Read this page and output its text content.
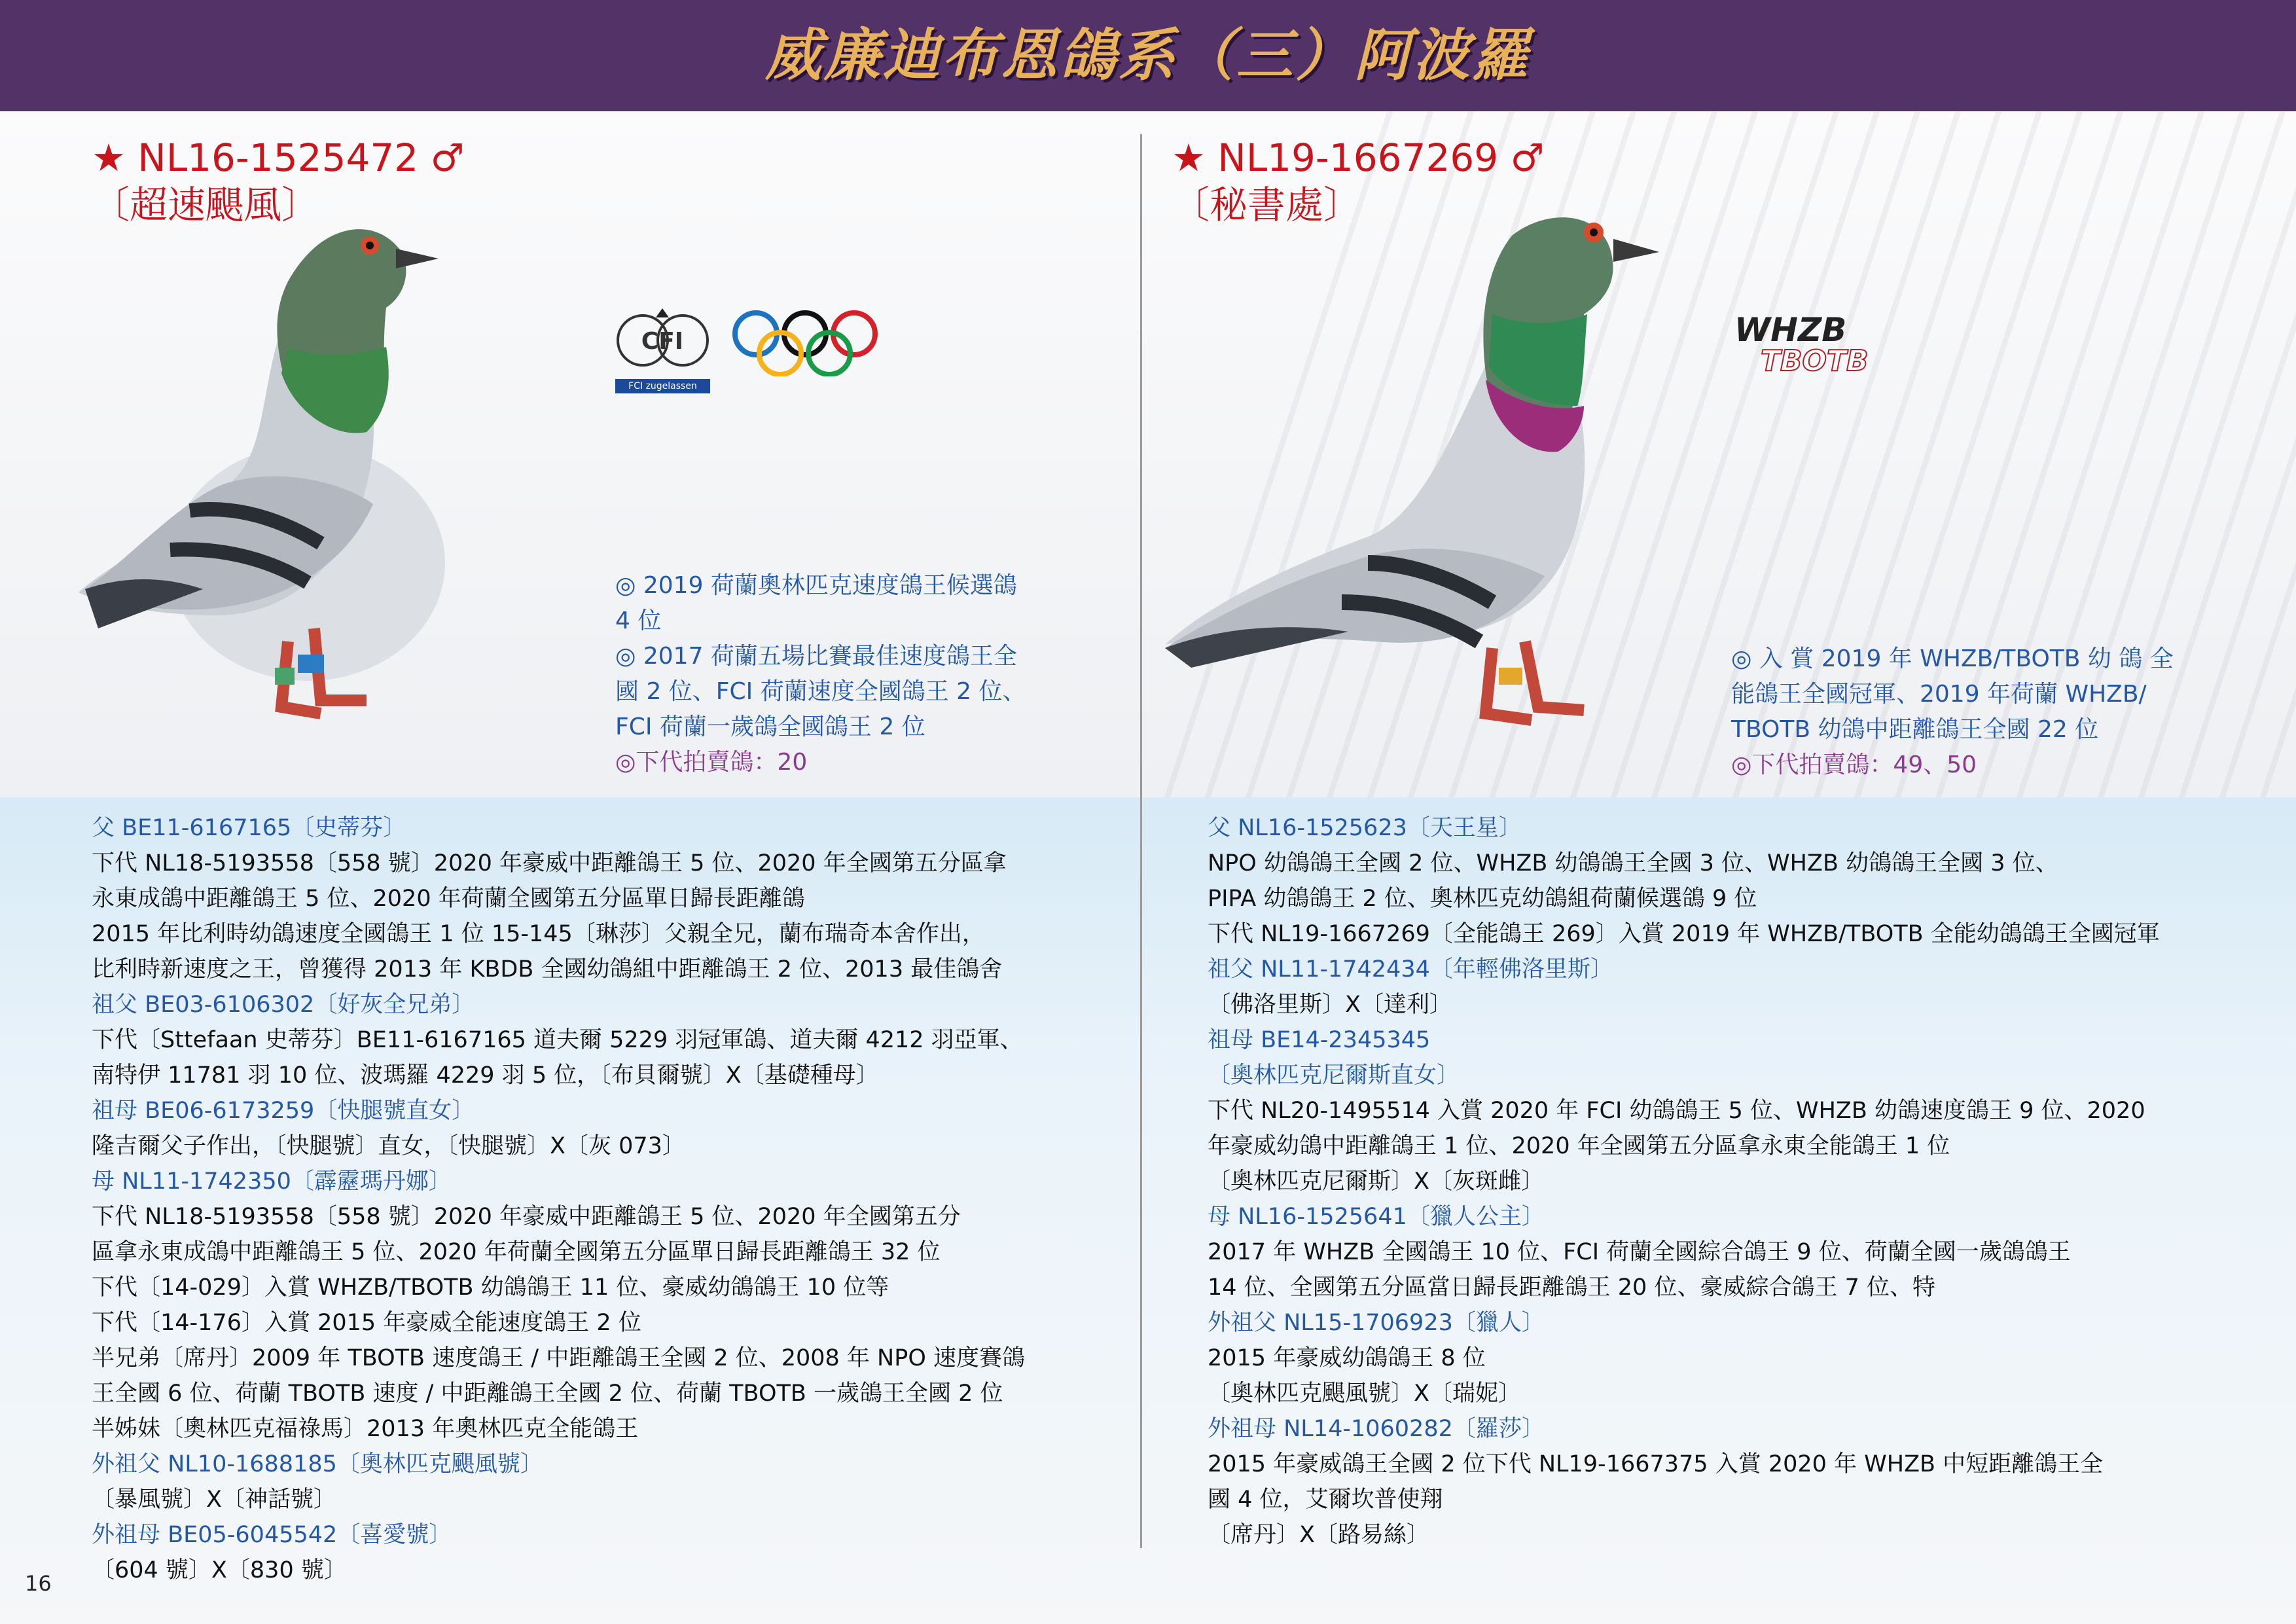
威廉迪布恩鴿系（三）阿波羅
★ NL16-1525472 ♂
〔超速颶風〕
CFI
FCI zugelassen
◎ 2019 荷蘭奧林匹克速度鴿王候選鴿
4 位
◎ 2017 荷蘭五場比賽最佳速度鴿王全
國 2 位、FCI 荷蘭速度全國鴿王 2 位、
FCI 荷蘭一歲鴿全國鴿王 2 位
◎下代拍賣鴿：20
★ NL19-1667269 ♂
〔秘書處〕
WHZB
TBOTB
◎ 入 賞 2019 年 WHZB/TBOTB 幼 鴿 全
能鴿王全國冠軍、2019 年荷蘭 WHZB/
TBOTB 幼鴿中距離鴿王全國 22 位
◎下代拍賣鴿：49、50
父 BE11-6167165〔史蒂芬〕
下代 NL18-5193558〔558 號〕2020 年豪威中距離鴿王 5 位、2020 年全國第五分區拿
永東成鴿中距離鴿王 5 位、2020 年荷蘭全國第五分區單日歸長距離鴿
2015 年比利時幼鴿速度全國鴿王 1 位 15-145〔琳莎〕父親全兄，蘭布瑞奇本舍作出，
比利時新速度之王，曾獲得 2013 年 KBDB 全國幼鴿組中距離鴿王 2 位、2013 最佳鴿舍
祖父 BE03-6106302〔好灰全兄弟〕
下代〔Sttefaan 史蒂芬〕BE11-6167165 道夫爾 5229 羽冠軍鴿、道夫爾 4212 羽亞軍、
南特伊 11781 羽 10 位、波瑪羅 4229 羽 5 位，〔布貝爾號〕X〔基礎種母〕
祖母 BE06-6173259〔快腿號直女〕
隆吉爾父子作出，〔快腿號〕直女，〔快腿號〕X〔灰 073〕
母 NL11-1742350〔霹靂瑪丹娜〕
下代 NL18-5193558〔558 號〕2020 年豪威中距離鴿王 5 位、2020 年全國第五分
區拿永東成鴿中距離鴿王 5 位、2020 年荷蘭全國第五分區單日歸長距離鴿王 32 位
下代〔14-029〕入賞 WHZB/TBOTB 幼鴿鴿王 11 位、豪威幼鴿鴿王 10 位等
下代〔14-176〕入賞 2015 年豪威全能速度鴿王 2 位
半兄弟〔席丹〕2009 年 TBOTB 速度鴿王 / 中距離鴿王全國 2 位、2008 年 NPO 速度賽鴿
王全國 6 位、荷蘭 TBOTB 速度 / 中距離鴿王全國 2 位、荷蘭 TBOTB 一歲鴿王全國 2 位
半姊妹〔奧林匹克福祿馬〕2013 年奧林匹克全能鴿王
外祖父 NL10-1688185〔奧林匹克颶風號〕
〔暴風號〕X〔神話號〕
外祖母 BE05-6045542〔喜愛號〕
〔604 號〕X〔830 號〕
父 NL16-1525623〔天王星〕
NPO 幼鴿鴿王全國 2 位、WHZB 幼鴿鴿王全國 3 位、WHZB 幼鴿鴿王全國 3 位、
PIPA 幼鴿鴿王 2 位、奧林匹克幼鴿組荷蘭候選鴿 9 位
下代 NL19-1667269〔全能鴿王 269〕入賞 2019 年 WHZB/TBOTB 全能幼鴿鴿王全國冠軍
祖父 NL11-1742434〔年輕佛洛里斯〕
〔佛洛里斯〕X〔達利〕
祖母 BE14-2345345
〔奧林匹克尼爾斯直女〕
下代 NL20-1495514 入賞 2020 年 FCI 幼鴿鴿王 5 位、WHZB 幼鴿速度鴿王 9 位、2020
年豪威幼鴿中距離鴿王 1 位、2020 年全國第五分區拿永東全能鴿王 1 位
〔奧林匹克尼爾斯〕X〔灰斑雌〕
母 NL16-1525641〔獵人公主〕
2017 年 WHZB 全國鴿王 10 位、FCI 荷蘭全國綜合鴿王 9 位、荷蘭全國一歲鴿鴿王
14 位、全國第五分區當日歸長距離鴿王 20 位、豪威綜合鴿王 7 位、特
外祖父 NL15-1706923〔獵人〕
2015 年豪威幼鴿鴿王 8 位
〔奧林匹克颶風號〕X〔瑞妮〕
外祖母 NL14-1060282〔羅莎〕
2015 年豪威鴿王全國 2 位下代 NL19-1667375 入賞 2020 年 WHZB 中短距離鴿王全
國 4 位，艾爾坎普使翔
〔席丹〕X〔路易絲〕
16
